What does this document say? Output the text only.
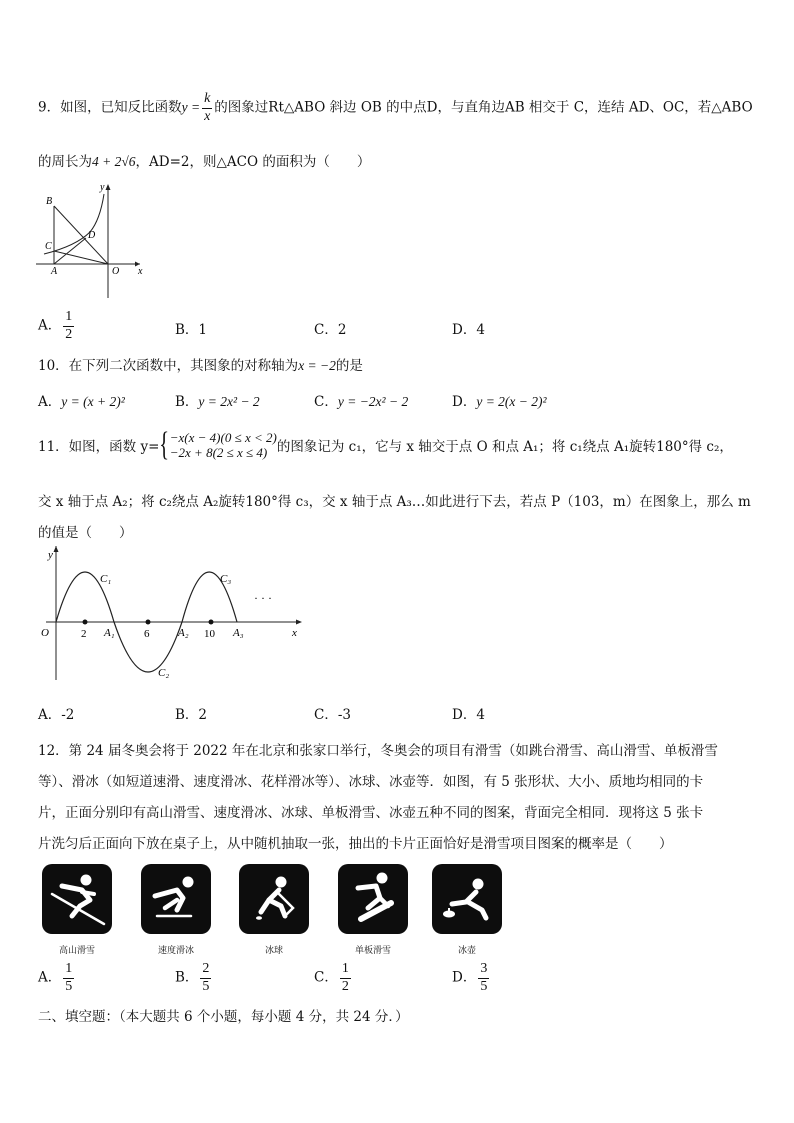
9．如图，已知反比函数$y = \frac{k}{x}$ 的图象过Rt△ABO 斜边 OB 的中点D，与直角边AB 相交于 C，连结 AD、OC，若△ABO
的周长为4 + 2√6，AD=2，则△ACO 的面积为（　　）
B
C
D
A	O x
y
A． $\frac{1}{2}$	B．1	C．2	D．4
10．在下列二次函数中，其图象的对称轴为x = −2的是
A．y = (x + 2)²	B．y = 2x² − 2	C．y = −2x² − 2	D．y = 2(x − 2)²
11．如图，函数 y={ −x(x − 4)(0 ≤ x < 2)
−2x + 8(2 ≤ x ≤ 4) 的图象记为 c₁，它与 x 轴交于点 O 和点 A₁；将 c₁绕点 A₁旋转180°得 c₂，
交 x 轴于点 A₂；将 c₂绕点 A₂旋转180°得 c₃，交 x 轴于点 A₃…如此进行下去，若点 P（103，m）在图象上，那么 m
的值是（　　）
y
x
O
C₁
C₂
C₃
2	6	10
A₁	A₂	A₃
· · ·
A．-2	B．2	C．-3	D．4
12．第 24 届冬奥会将于 2022 年在北京和张家口举行，冬奥会的项目有滑雪（如跳台滑雪、高山滑雪、单板滑雪
等）、滑冰（如短道速滑、速度滑冰、花样滑冰等）、冰球、冰壶等．如图，有 5 张形状、大小、质地均相同的卡
片，正面分别印有高山滑雪、速度滑冰、冰球、单板滑雪、冰壶五种不同的图案，背面完全相同．现将这 5 张卡
片洗匀后正面向下放在桌子上，从中随机抽取一张，抽出的卡片正面恰好是滑雪项目图案的概率是（　　）
高山滑雪	速度滑冰	冰球	单板滑雪	冰壶
A． $\frac{1}{5}$	B． $\frac{2}{5}$	C． $\frac{1}{2}$	D． $\frac{3}{5}$
二、填空题：（本大题共 6 个小题，每小题 4 分，共 24 分．）
